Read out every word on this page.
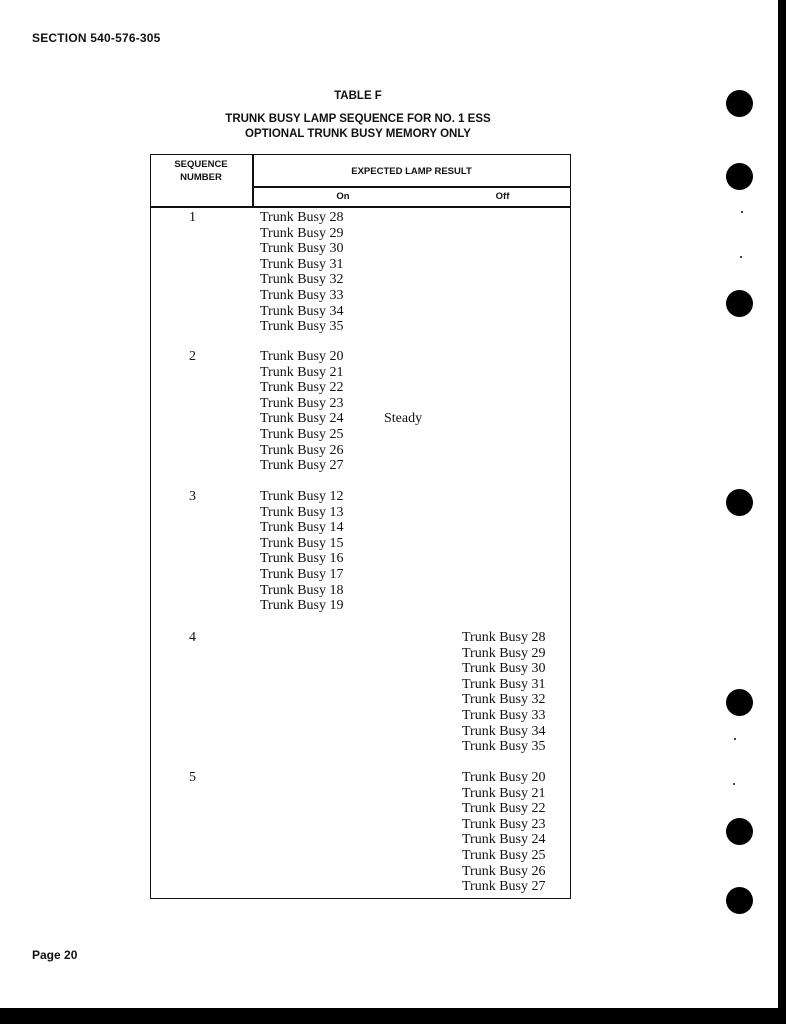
SECTION 540-576-305
TABLE F
TRUNK BUSY LAMP SEQUENCE FOR NO. 1 ESS
OPTIONAL TRUNK BUSY MEMORY ONLY
SEQUENCE
NUMBER
EXPECTED LAMP RESULT
On	Off
1
2
3
4
5
Trunk Busy 28
Trunk Busy 29
Trunk Busy 30
Trunk Busy 31
Trunk Busy 32
Trunk Busy 33
Trunk Busy 34
Trunk Busy 35
Trunk Busy 20
Trunk Busy 21
Trunk Busy 22
Trunk Busy 23
Trunk Busy 24
Trunk Busy 25
Trunk Busy 26
Trunk Busy 27
Steady
Trunk Busy 12
Trunk Busy 13
Trunk Busy 14
Trunk Busy 15
Trunk Busy 16
Trunk Busy 17
Trunk Busy 18
Trunk Busy 19
Trunk Busy 28
Trunk Busy 29
Trunk Busy 30
Trunk Busy 31
Trunk Busy 32
Trunk Busy 33
Trunk Busy 34
Trunk Busy 35
Trunk Busy 20
Trunk Busy 21
Trunk Busy 22
Trunk Busy 23
Trunk Busy 24
Trunk Busy 25
Trunk Busy 26
Trunk Busy 27
Page 20
